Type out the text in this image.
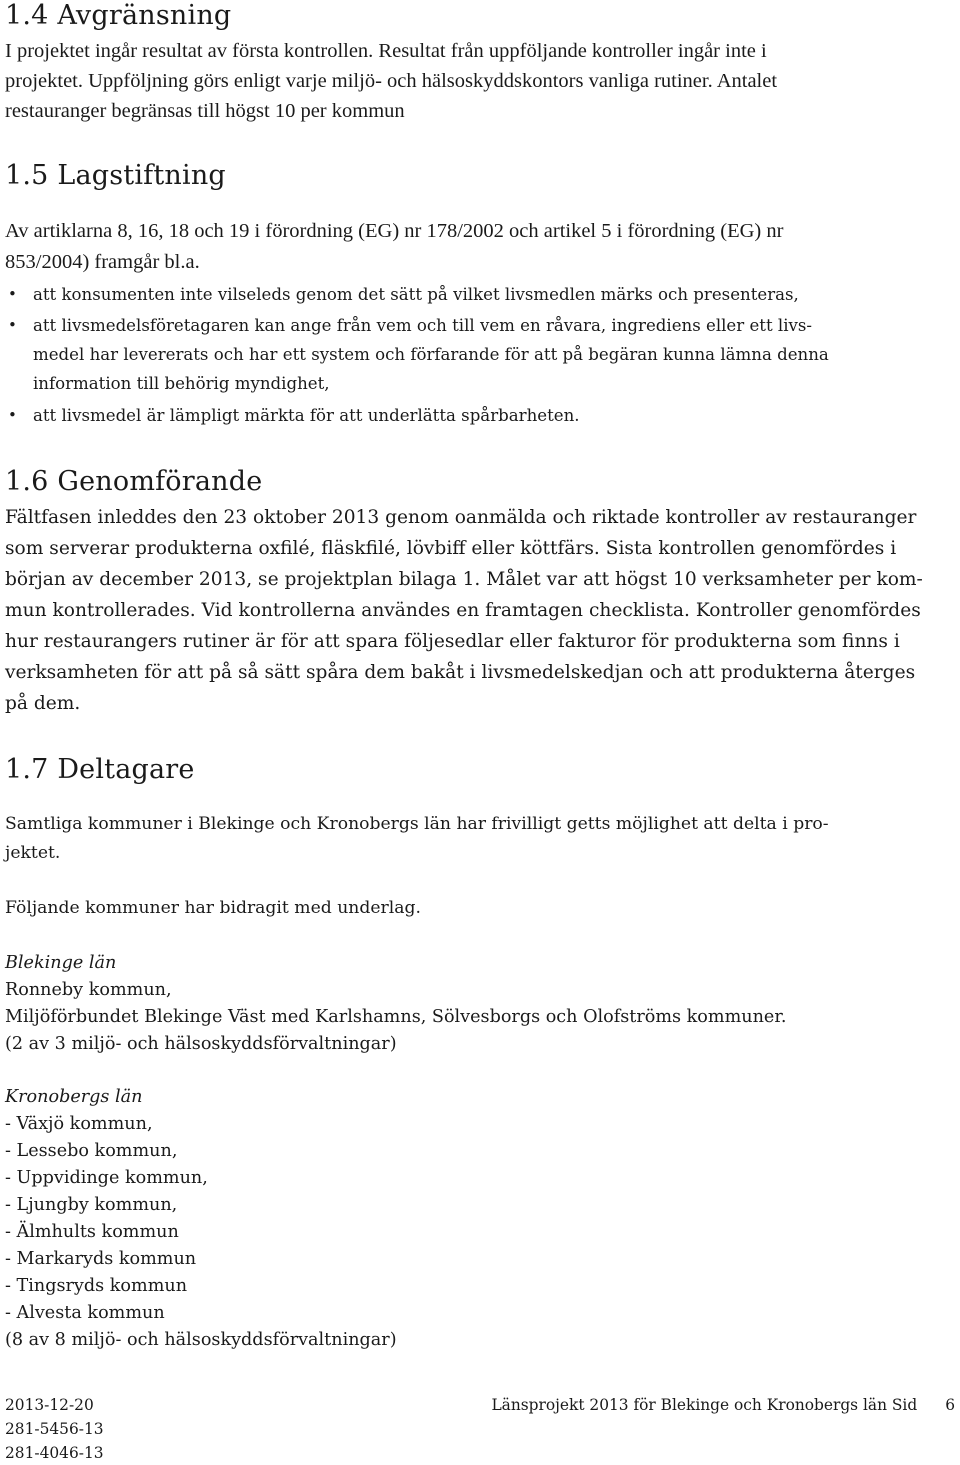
1.4 Avgränsning
I projektet ingår resultat av första kontrollen. Resultat från uppföljande kontroller ingår inte i
projektet. Uppföljning görs enligt varje miljö- och hälsoskyddskontors vanliga rutiner. Antalet
restauranger begränsas till högst 10 per kommun
1.5 Lagstiftning
Av artiklarna 8, 16, 18 och 19 i förordning (EG) nr 178/2002 och artikel 5 i förordning (EG) nr
853/2004) framgår bl.a.
• att konsumenten inte vilseleds genom det sätt på vilket livsmedlen märks och presenteras,
• att livsmedelsföretagaren kan ange från vem och till vem en råvara, ingrediens eller ett livs-
medel har levererats och har ett system och förfarande för att på begäran kunna lämna denna
information till behörig myndighet,
• att livsmedel är lämpligt märkta för att underlätta spårbarheten.
1.6 Genomförande
Fältfasen inleddes den 23 oktober 2013 genom oanmälda och riktade kontroller av restauranger
som serverar produkterna oxfilé, fläskfilé, lövbiff eller köttfärs. Sista kontrollen genomfördes i
början av december 2013, se projektplan bilaga 1. Målet var att högst 10 verksamheter per kom-
mun kontrollerades. Vid kontrollerna användes en framtagen checklista. Kontroller genomfördes
hur restaurangers rutiner är för att spara följesedlar eller fakturor för produkterna som finns i
verksamheten för att på så sätt spåra dem bakåt i livsmedelskedjan och att produkterna återges
på dem.
1.7 Deltagare
Samtliga kommuner i Blekinge och Kronobergs län har frivilligt getts möjlighet att delta i pro-
jektet.
Följande kommuner har bidragit med underlag.
Blekinge län
Ronneby kommun,
Miljöförbundet Blekinge Väst med Karlshamns, Sölvesborgs och Olofströms kommuner.
(2 av 3 miljö- och hälsoskyddsförvaltningar)
Kronobergs län
- Växjö kommun,
- Lessebo kommun,
- Uppvidinge kommun,
- Ljungby kommun,
- Älmhults kommun
- Markaryds kommun
- Tingsryds kommun
- Alvesta kommun
(8 av 8 miljö- och hälsoskyddsförvaltningar)
2013-12-20
281-5456-13
281-4046-13
Länsprojekt 2013 för Blekinge och Kronobergs län Sid 6
